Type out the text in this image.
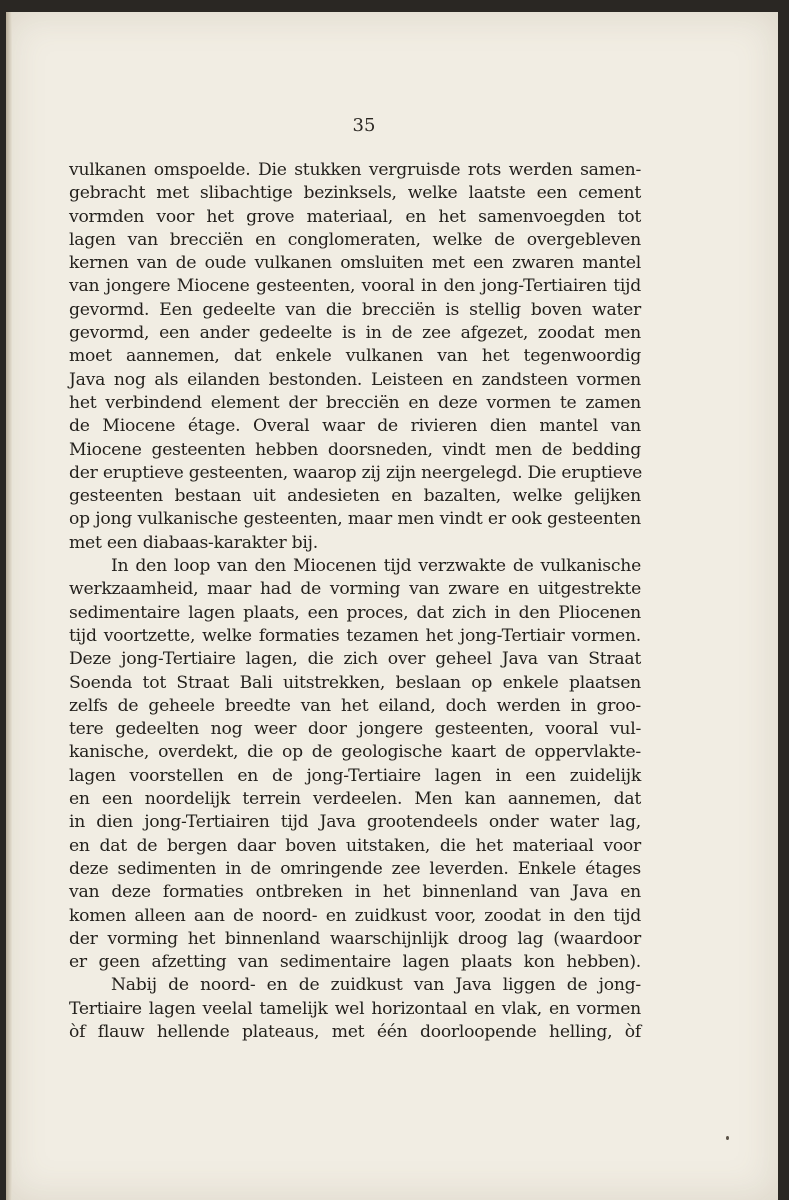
35
vulkanen omspoelde. Die stukken vergruisde rots werden samen-
gebracht met slibachtige bezinksels, welke laatste een cement
vormden voor het grove materiaal, en het samenvoegden tot
lagen van brecciën en conglomeraten, welke de overgebleven
kernen van de oude vulkanen omsluiten met een zwaren mantel
van jongere Miocene gesteenten, vooral in den jong-Tertiairen tijd
gevormd. Een gedeelte van die brecciën is stellig boven water
gevormd, een ander gedeelte is in de zee afgezet, zoodat men
moet aannemen, dat enkele vulkanen van het tegenwoordig
Java nog als eilanden bestonden. Leisteen en zandsteen vormen
het verbindend element der brecciën en deze vormen te zamen
de Miocene étage. Overal waar de rivieren dien mantel van
Miocene gesteenten hebben doorsneden, vindt men de bedding
der eruptieve gesteenten, waarop zij zijn neergelegd. Die eruptieve
gesteenten bestaan uit andesieten en bazalten, welke gelijken
op jong vulkanische gesteenten, maar men vindt er ook gesteenten
met een diabaas-karakter bij.
In den loop van den Miocenen tijd verzwakte de vulkanische
werkzaamheid, maar had de vorming van zware en uitgestrekte
sedimentaire lagen plaats, een proces, dat zich in den Pliocenen
tijd voortzette, welke formaties tezamen het jong-Tertiair vormen.
Deze jong-Tertiaire lagen, die zich over geheel Java van Straat
Soenda tot Straat Bali uitstrekken, beslaan op enkele plaatsen
zelfs de geheele breedte van het eiland, doch werden in groo-
tere gedeelten nog weer door jongere gesteenten, vooral vul-
kanische, overdekt, die op de geologische kaart de oppervlakte-
lagen voorstellen en de jong-Tertiaire lagen in een zuidelijk
en een noordelijk terrein verdeelen. Men kan aannemen, dat
in dien jong-Tertiairen tijd Java grootendeels onder water lag,
en dat de bergen daar boven uitstaken, die het materiaal voor
deze sedimenten in de omringende zee leverden. Enkele étages
van deze formaties ontbreken in het binnenland van Java en
komen alleen aan de noord- en zuidkust voor, zoodat in den tijd
der vorming het binnenland waarschijnlijk droog lag (waardoor
er geen afzetting van sedimentaire lagen plaats kon hebben).
Nabij de noord- en de zuidkust van Java liggen de jong-
Tertiaire lagen veelal tamelijk wel horizontaal en vlak, en vormen
òf flauw hellende plateaus, met één doorloopende helling, òf
